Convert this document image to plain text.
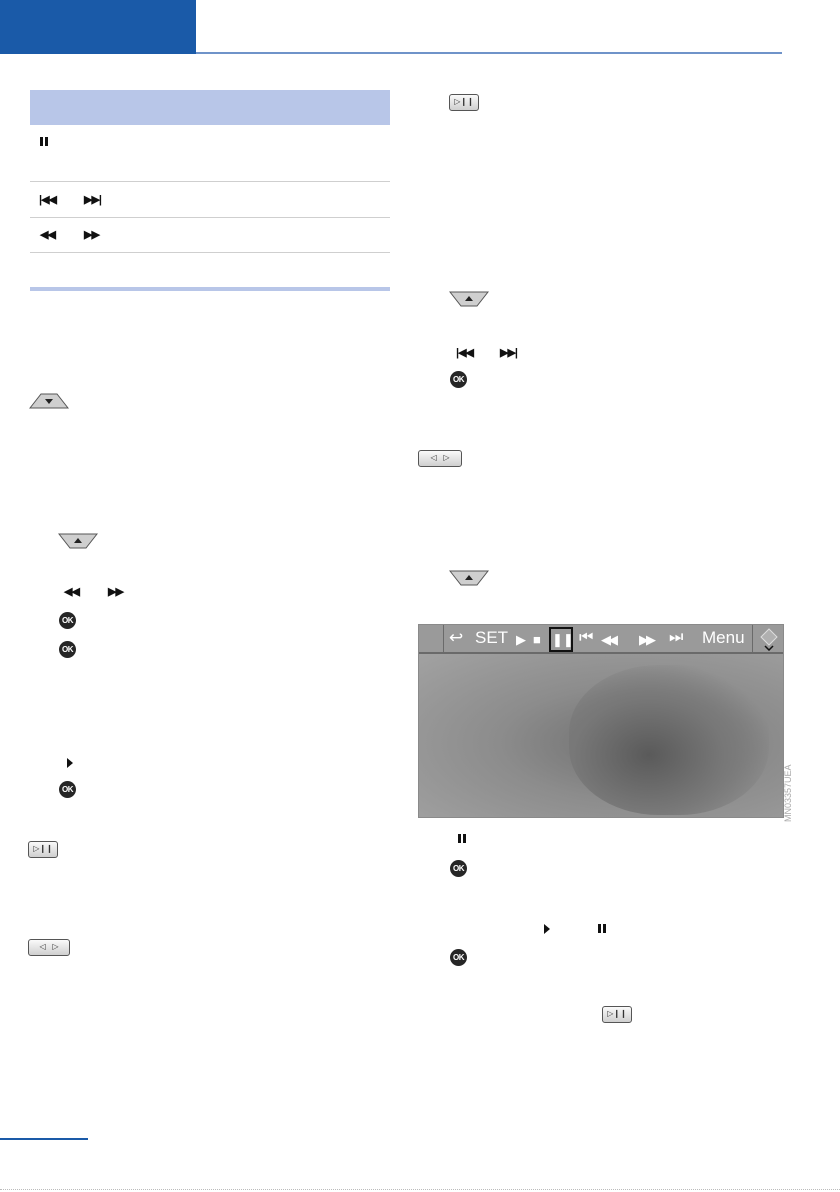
|◀◀	▶▶|
◀◀	▶▶
◀◀	▶▶
OK
OK
OK
▷❙❙
◁   ▷
▷❙❙
|◀◀ ▶▶|
OK
◁   ▷
↩ SET ▶ ■ ❚❚ ⏮ ◀◀ ▶▶ ⏭ Menu
MN03357UEA
OK
OK
▷❙❙
